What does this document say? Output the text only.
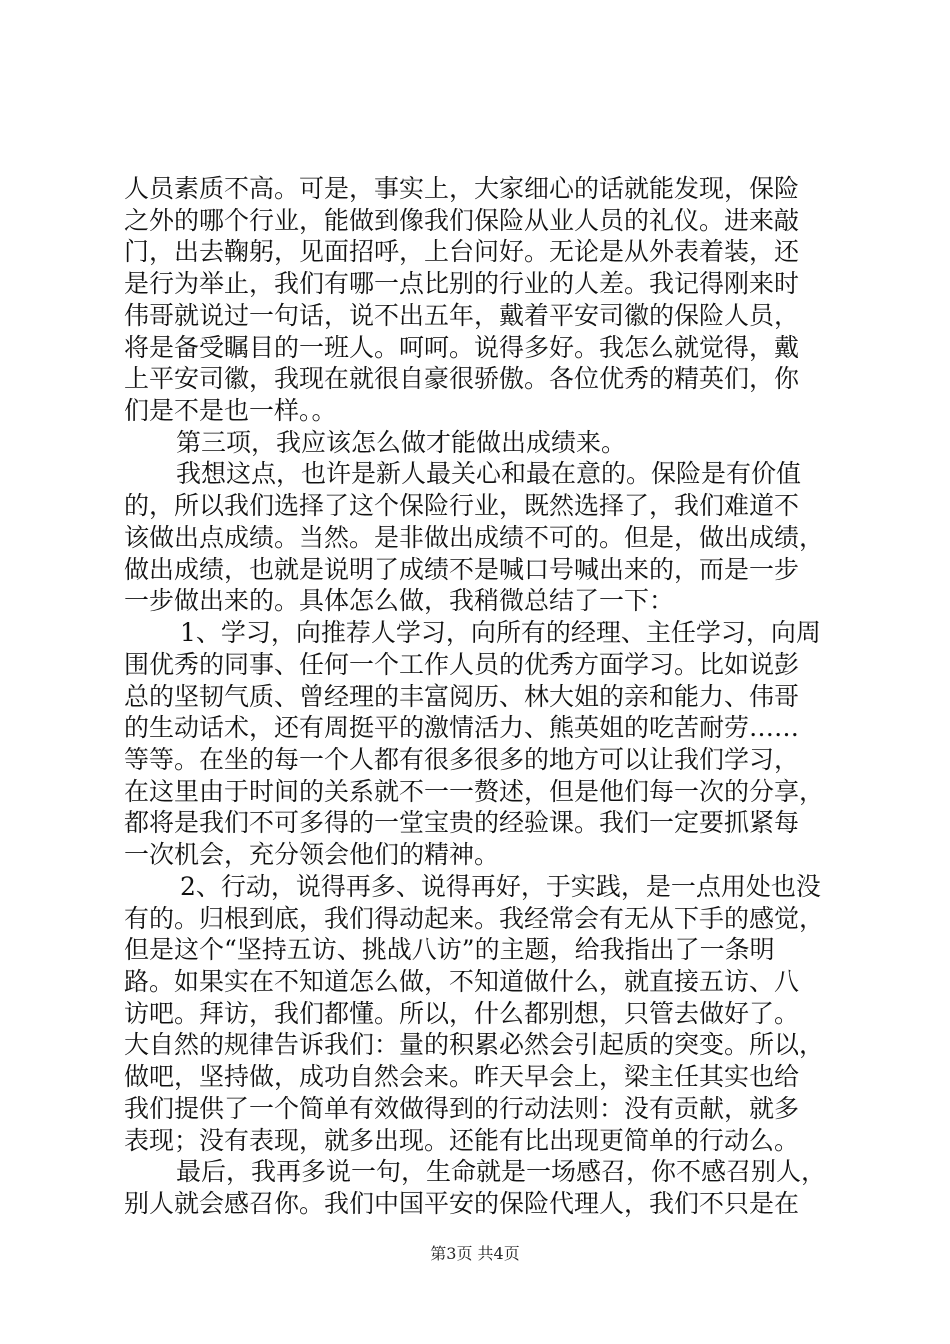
人员素质不高。可是，事实上，大家细心的话就能发现，保险
之外的哪个行业，能做到像我们保险从业人员的礼仪。进来敲
门，出去鞠躬，见面招呼，上台问好。无论是从外表着装，还
是行为举止，我们有哪一点比别的行业的人差。我记得刚来时
伟哥就说过一句话，说不出五年，戴着平安司徽的保险人员，
将是备受瞩目的一班人。呵呵。说得多好。我怎么就觉得，戴
上平安司徽，我现在就很自豪很骄傲。各位优秀的精英们，你
们是不是也一样。。
第三项，我应该怎么做才能做出成绩来。
我想这点，也许是新人最关心和最在意的。保险是有价值
的，所以我们选择了这个保险行业，既然选择了，我们难道不
该做出点成绩。当然。是非做出成绩不可的。但是，做出成绩，
做出成绩，也就是说明了成绩不是喊口号喊出来的，而是一步
一步做出来的。具体怎么做，我稍微总结了一下：
1、学习，向推荐人学习，向所有的经理、主任学习，向周
围优秀的同事、任何一个工作人员的优秀方面学习。比如说彭
总的坚韧气质、曾经理的丰富阅历、林大姐的亲和能力、伟哥
的生动话术，还有周挺平的激情活力、熊英姐的吃苦耐劳……
等等。在坐的每一个人都有很多很多的地方可以让我们学习，
在这里由于时间的关系就不一一赘述，但是他们每一次的分享，
都将是我们不可多得的一堂宝贵的经验课。我们一定要抓紧每
一次机会，充分领会他们的精神。
2、行动，说得再多、说得再好，于实践，是一点用处也没
有的。归根到底，我们得动起来。我经常会有无从下手的感觉，
但是这个“坚持五访、挑战八访”的主题，给我指出了一条明
路。如果实在不知道怎么做，不知道做什么，就直接五访、八
访吧。拜访，我们都懂。所以，什么都别想，只管去做好了。
大自然的规律告诉我们：量的积累必然会引起质的突变。所以，
做吧，坚持做，成功自然会来。昨天早会上，梁主任其实也给
我们提供了一个简单有效做得到的行动法则：没有贡献，就多
表现；没有表现，就多出现。还能有比出现更简单的行动么。
最后，我再多说一句，生命就是一场感召，你不感召别人，
别人就会感召你。我们中国平安的保险代理人，我们不只是在
第3页 共4页
